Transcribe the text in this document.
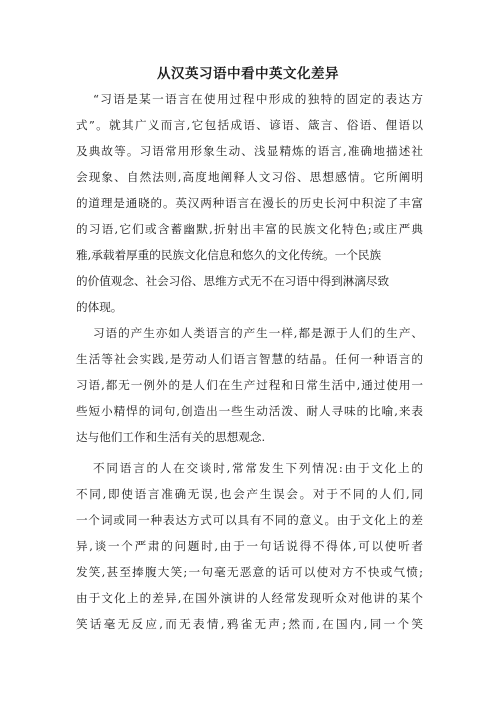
从汉英习语中看中英文化差异
“习语是某一语言在使用过程中形成的独特的固定的表达方
式”。就其广义而言,它包括成语、谚语、箴言、俗语、俚语以
及典故等。习语常用形象生动、浅显精炼的语言,准确地描述社
会现象、自然法则,高度地阐释人文习俗、思想感情。它所阐明
的道理是通晓的。英汉两种语言在漫长的历史长河中积淀了丰富
的习语,它们或含蓄幽默,折射出丰富的民族文化特色;或庄严典
雅,承载着厚重的民族文化信息和悠久的文化传统。一个民族
的价值观念、社会习俗、思维方式无不在习语中得到淋漓尽致
的体现。
习语的产生亦如人类语言的产生一样,都是源于人们的生产、
生活等社会实践,是劳动人们语言智慧的结晶。任何一种语言的
习语,都无一例外的是人们在生产过程和日常生活中,通过使用一
些短小精悍的词句,创造出一些生动活泼、耐人寻味的比喻,来表
达与他们工作和生活有关的思想观念.
不同语言的人在交谈时,常常发生下列情况:由于文化上的
不同,即使语言准确无误,也会产生误会。对于不同的人们,同
一个词或同一种表达方式可以具有不同的意义。由于文化上的差
异,谈一个严肃的问题时,由于一句话说得不得体,可以使听者
发笑,甚至捧腹大笑;一句毫无恶意的话可以使对方不快或气愤;
由于文化上的差异,在国外演讲的人经常发现听众对他讲的某个
笑话毫无反应,而无表情,鸦雀无声;然而,在国内,同一个笑
